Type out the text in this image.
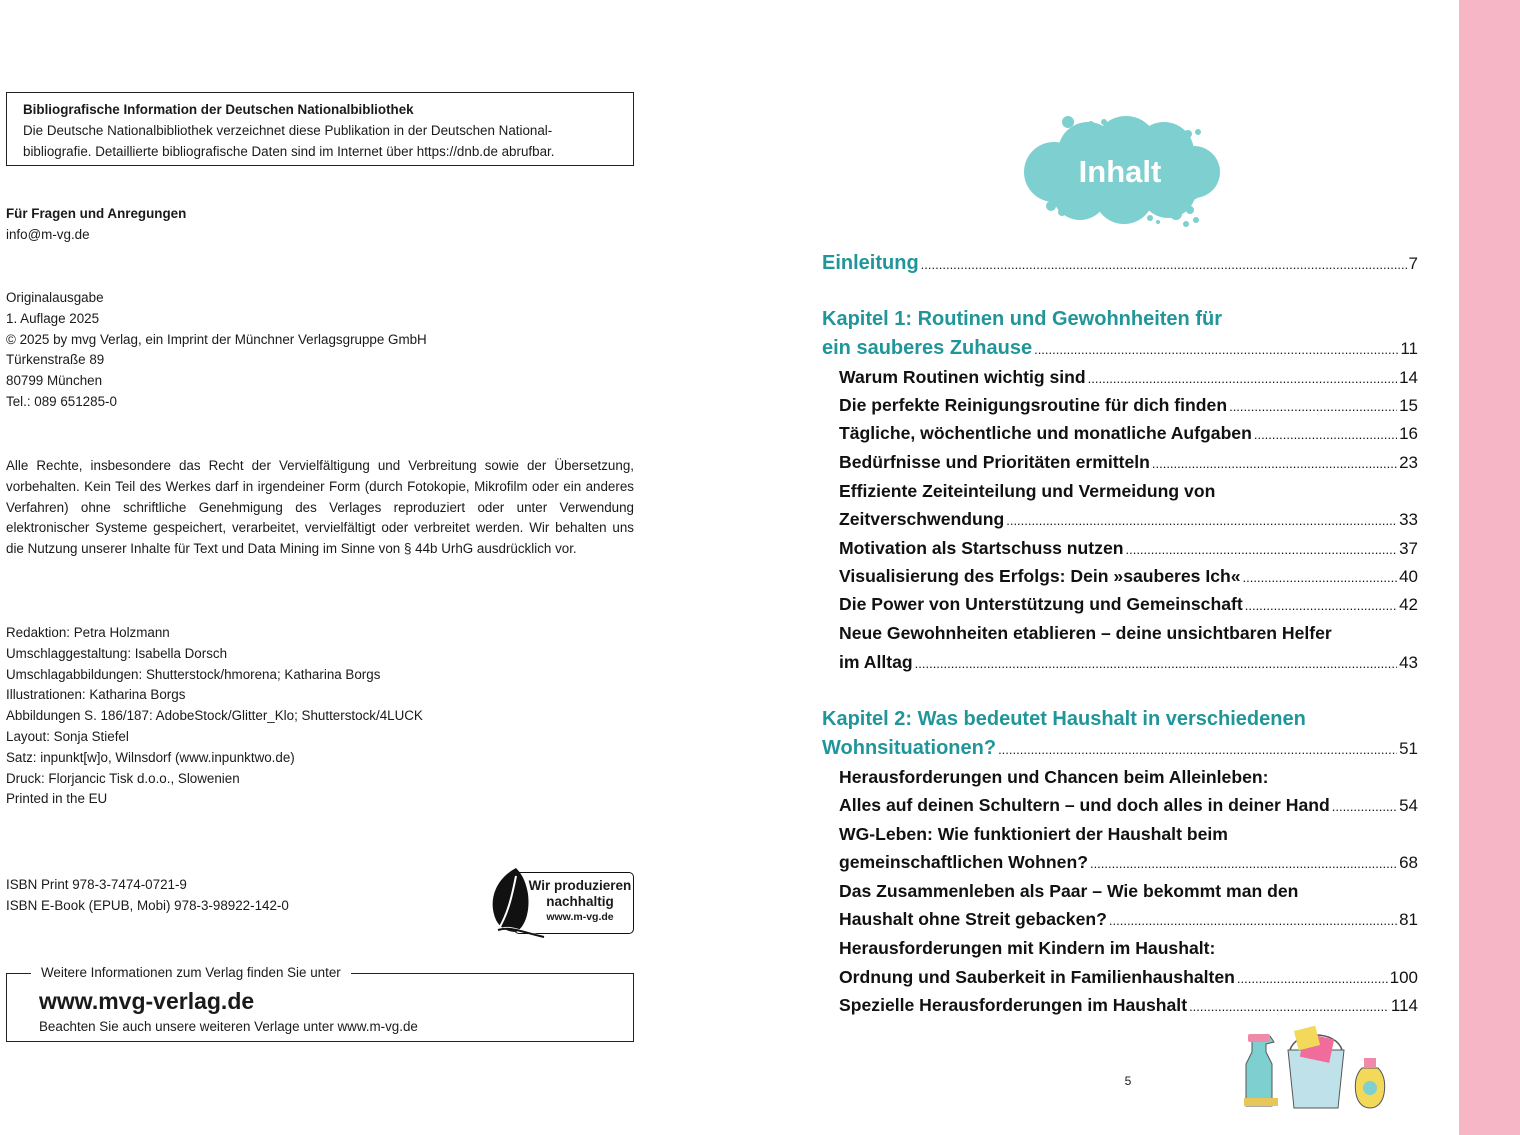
Bibliografische Information der Deutschen Nationalbibliothek
Die Deutsche Nationalbibliothek verzeichnet diese Publikation in der Deutschen National-
bibliografie. Detaillierte bibliografische Daten sind im Internet über https://dnb.de abrufbar.
Für Fragen und Anregungen
info@m-vg.de
Originalausgabe
1. Auflage 2025
© 2025 by mvg Verlag, ein Imprint der Münchner Verlagsgruppe GmbH
Türkenstraße 89
80799 München
Tel.: 089 651285-0
Alle Rechte, insbesondere das Recht der Vervielfältigung und Verbreitung sowie der Übersetzung, vorbehalten. Kein Teil des Werkes darf in irgendeiner Form (durch Fotokopie, Mikrofilm oder ein anderes Verfahren) ohne schriftliche Genehmigung des Verlages reproduziert oder unter Verwendung elektronischer Systeme gespeichert, verarbeitet, vervielfältigt oder verbreitet werden. Wir behalten uns die Nutzung unserer Inhalte für Text und Data Mining im Sinne von § 44b UrhG ausdrücklich vor.
Redaktion: Petra Holzmann
Umschlaggestaltung: Isabella Dorsch
Umschlagabbildungen: Shutterstock/hmorena; Katharina Borgs
Illustrationen: Katharina Borgs
Abbildungen S. 186/187: AdobeStock/Glitter_Klo; Shutterstock/4LUCK
Layout: Sonja Stiefel
Satz: inpunkt[w]o, Wilnsdorf (www.inpunktwo.de)
Druck: Florjancic Tisk d.o.o., Slowenien
Printed in the EU
ISBN Print 978-3-7474-0721-9
ISBN E-Book (EPUB, Mobi) 978-3-98922-142-0
Wir produzieren
nachhaltig
www.m-vg.de
Weitere Informationen zum Verlag finden Sie unter
www.mvg-verlag.de
Beachten Sie auch unsere weiteren Verlage unter www.m-vg.de
Inhalt
Einleitung .....	7
Kapitel 1: Routinen und Gewohnheiten für
ein sauberes Zuhause .....	11
Warum Routinen wichtig sind .....	14
Die perfekte Reinigungsroutine für dich finden .....	15
Tägliche, wöchentliche und monatliche Aufgaben .....	16
Bedürfnisse und Prioritäten ermitteln .....	23
Effiziente Zeiteinteilung und Vermeidung von
Zeitverschwendung .....	33
Motivation als Startschuss nutzen .....	37
Visualisierung des Erfolgs: Dein »sauberes Ich« .....	40
Die Power von Unterstützung und Gemeinschaft .....	42
Neue Gewohnheiten etablieren – deine unsichtbaren Helfer
im Alltag .....	43
Kapitel 2: Was bedeutet Haushalt in verschiedenen
Wohnsituationen? .....	51
Herausforderungen und Chancen beim Alleinleben:
Alles auf deinen Schultern – und doch alles in deiner Hand .....	54
WG-Leben: Wie funktioniert der Haushalt beim
gemeinschaftlichen Wohnen? .....	68
Das Zusammenleben als Paar – Wie bekommt man den
Haushalt ohne Streit gebacken? .....	81
Herausforderungen mit Kindern im Haushalt:
Ordnung und Sauberkeit in Familienhaushalten .....	100
Spezielle Herausforderungen im Haushalt .....	114
5
